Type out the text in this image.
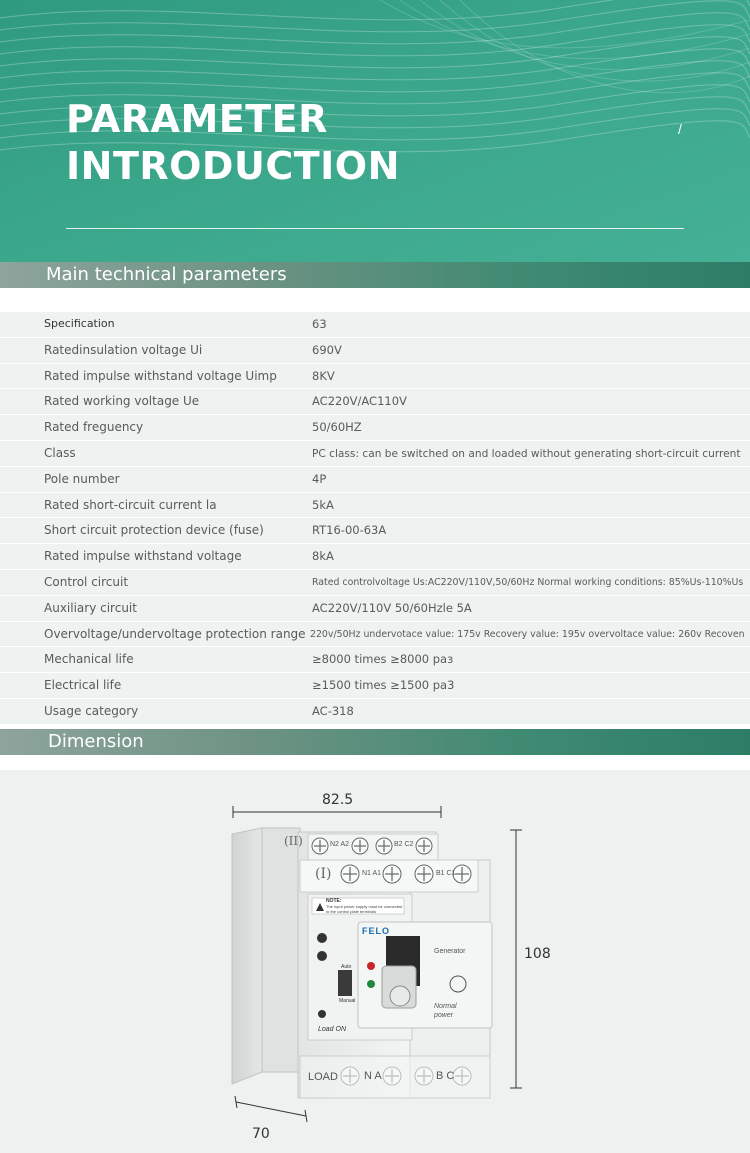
PARAMETER
INTRODUCTION
/
Main technical parameters
Specification	63
Ratedinsulation voltage Ui	690V
Rated impulse withstand voltage Uimp	8KV
Rated working voltage Ue	AC220V/AC110V
Rated freguency	50/60HZ
Class	PC class: can be switched on and loaded without generating short-circuit current
Pole number	4P
Rated short-circuit current la	5kA
Short circuit protection device (fuse)	RT16-00-63A
Rated impulse withstand voltage	8kA
Control circuit	Rated controlvoltage Us:AC220V/110V,50/60Hz Normal working conditions: 85%Us-110%Us
Auxiliary circuit	AC220V/110V 50/60Hzle 5A
Overvoltage/undervoltage protection range 220v/50Hz undervotace value: 175v Recovery value: 195v overvoltace value: 260v Recoven
Mechanical life	≥8000 times ≥8000 paз
Electrical life	≥1500 times ≥1500 pa3
Usage category	AC-318
Dimension
82.5
108
70
(II)	N2 A2	B2 C2
(I)	N1 A1	B1 C1
NOTE:
The input power supply must be connected to the control plate terminals
FELO
Generator
Normal power
Auto
Manual
Load ON
LOAD N A	B C
